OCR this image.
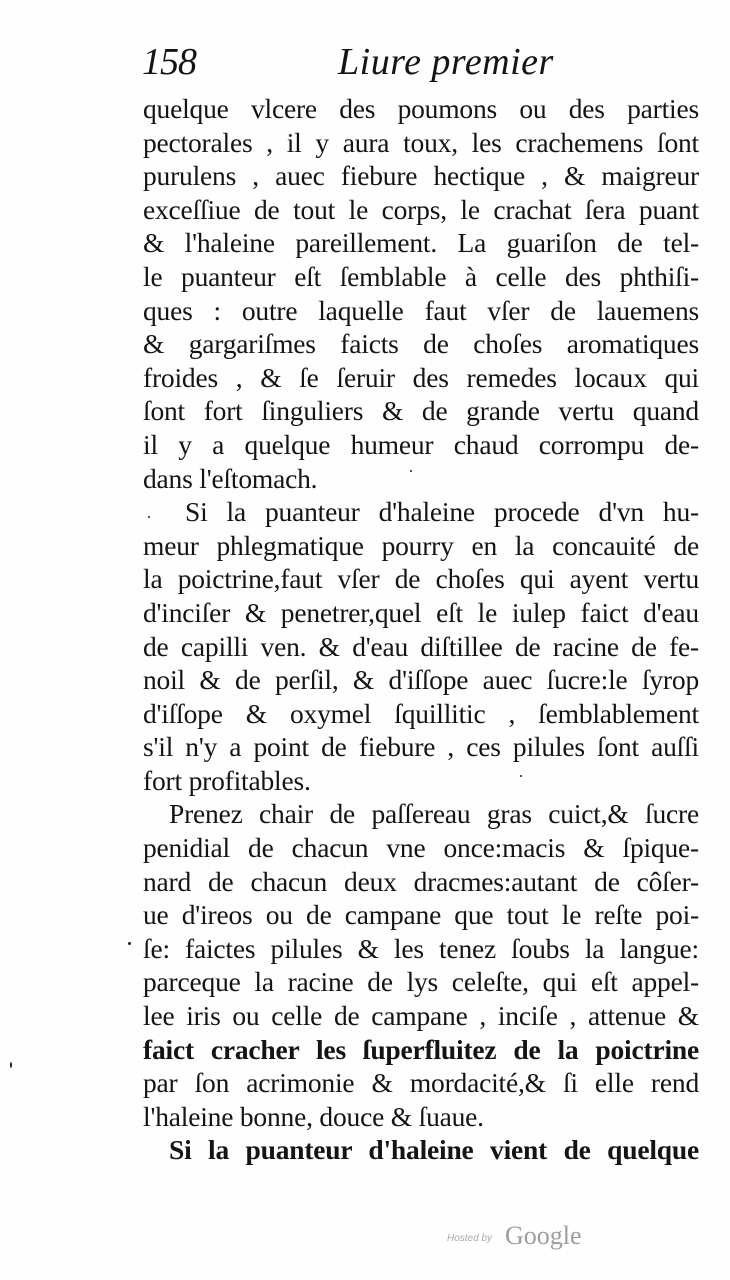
158	Liure premier
quelque vlcere des poumons ou des parties
pectorales , il y aura toux, les crachemens ſont
purulens , auec fiebure hectique , & maigreur
exceſſiue de tout le corps, le crachat ſera puant
& l'haleine pareillement. La guariſon de tel-
le puanteur eſt ſemblable à celle des phthiſi-
ques : outre laquelle faut vſer de lauemens
& gargariſmes faicts de choſes aromatiques
froides , & ſe ſeruir des remedes locaux qui
ſont fort ſinguliers & de grande vertu quand
il y a quelque humeur chaud corrompu de-
dans l'eſtomach.
Si la puanteur d'haleine procede d'vn hu-
meur phlegmatique pourry en la concauité de
la poictrine,faut vſer de choſes qui ayent vertu
d'inciſer & penetrer,quel eſt le iulep faict d'eau
de capilli ven. & d'eau diſtillee de racine de fe-
noil & de perſil, & d'iſſope auec ſucre:le ſyrop
d'iſſope & oxymel ſquillitic , ſemblablement
s'il n'y a point de fiebure , ces pilules ſont auſſi
fort profitables.
Prenez chair de paſſereau gras cuict,& ſucre
penidial de chacun vne once:macis & ſpique-
nard de chacun deux dracmes:autant de côſer-
ue d'ireos ou de campane que tout le reſte poi-
ſe: faictes pilules & les tenez ſoubs la langue:
parceque la racine de lys celeſte, qui eſt appel-
lee iris ou celle de campane , inciſe , attenue &
faict cracher les ſuperfluitez de la poictrine
par ſon acrimonie & mordacité,& ſi elle rend
l'haleine bonne, douce & ſuaue.
Si la puanteur d'haleine vient de quelque
Hosted by Google
